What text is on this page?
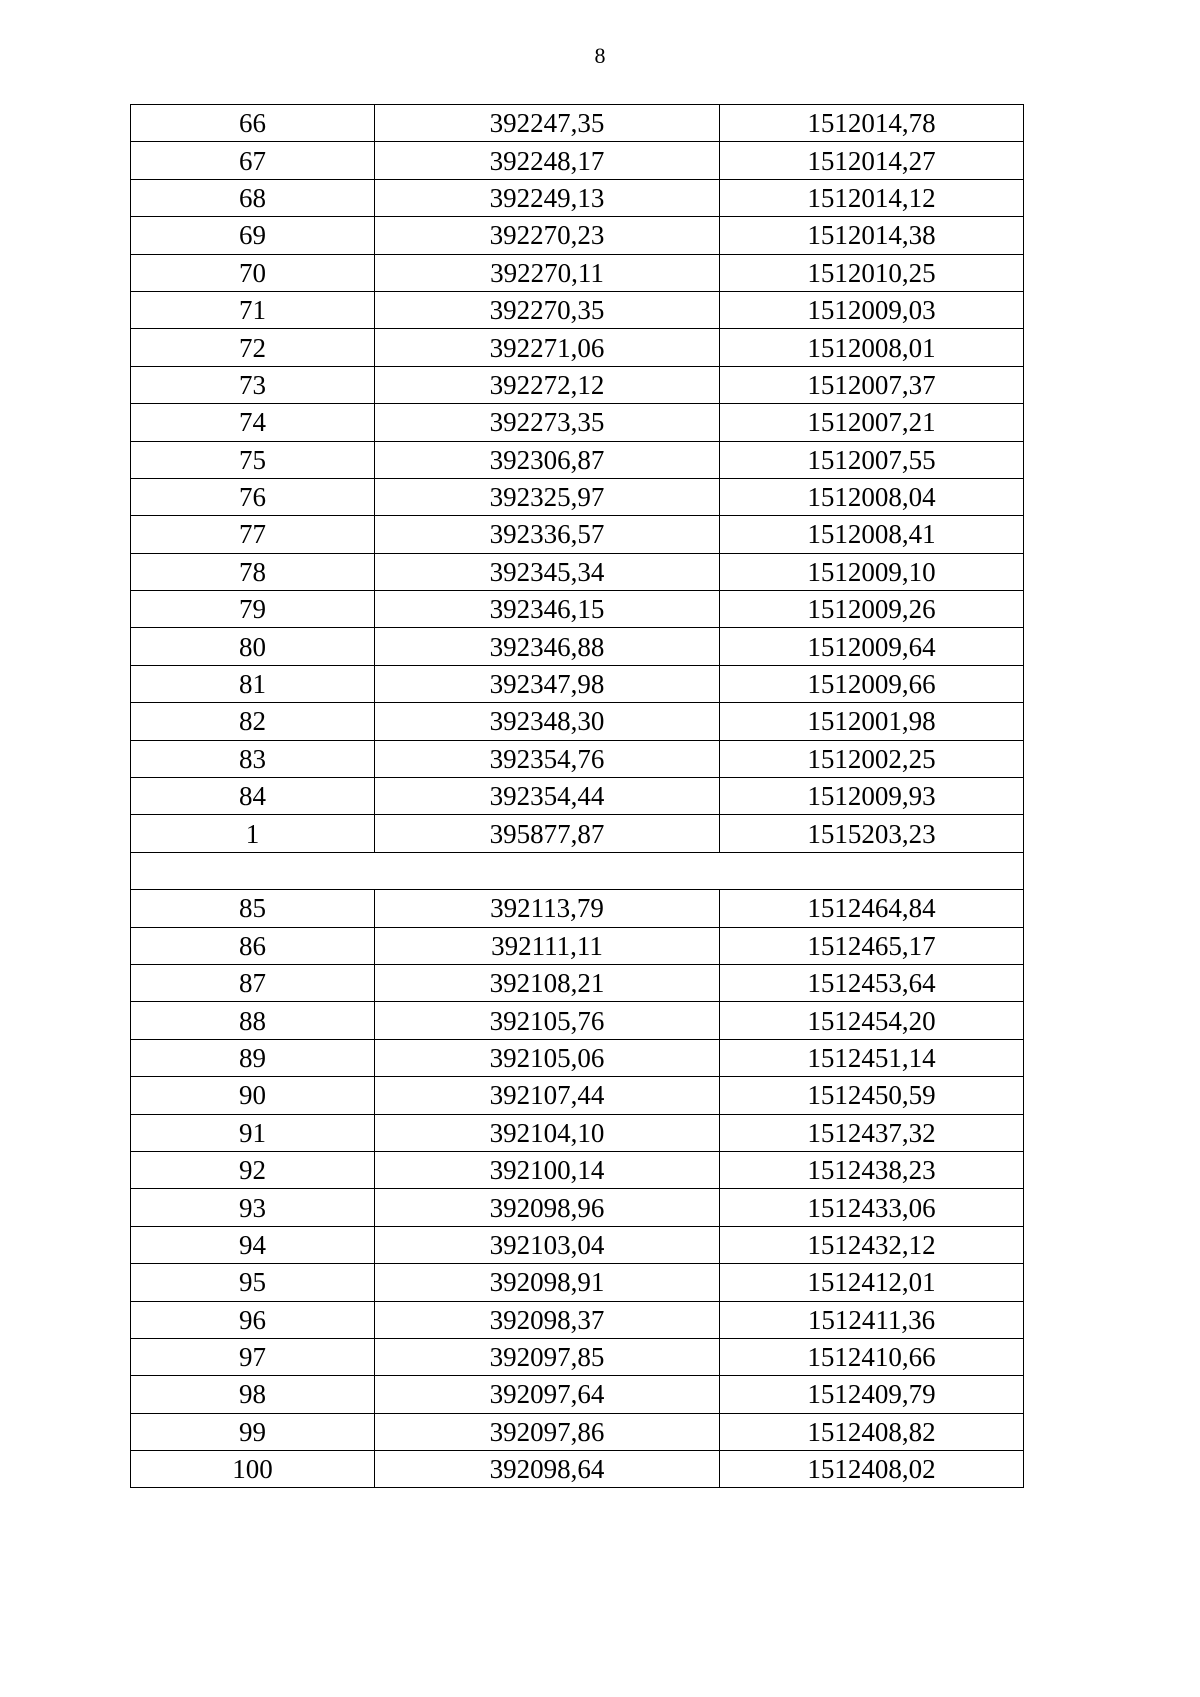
8
66	392247,35	1512014,78
67	392248,17	1512014,27
68	392249,13	1512014,12
69	392270,23	1512014,38
70	392270,11	1512010,25
71	392270,35	1512009,03
72	392271,06	1512008,01
73	392272,12	1512007,37
74	392273,35	1512007,21
75	392306,87	1512007,55
76	392325,97	1512008,04
77	392336,57	1512008,41
78	392345,34	1512009,10
79	392346,15	1512009,26
80	392346,88	1512009,64
81	392347,98	1512009,66
82	392348,30	1512001,98
83	392354,76	1512002,25
84	392354,44	1512009,93
1	395877,87	1515203,23

85	392113,79	1512464,84
86	392111,11	1512465,17
87	392108,21	1512453,64
88	392105,76	1512454,20
89	392105,06	1512451,14
90	392107,44	1512450,59
91	392104,10	1512437,32
92	392100,14	1512438,23
93	392098,96	1512433,06
94	392103,04	1512432,12
95	392098,91	1512412,01
96	392098,37	1512411,36
97	392097,85	1512410,66
98	392097,64	1512409,79
99	392097,86	1512408,82
100	392098,64	1512408,02
